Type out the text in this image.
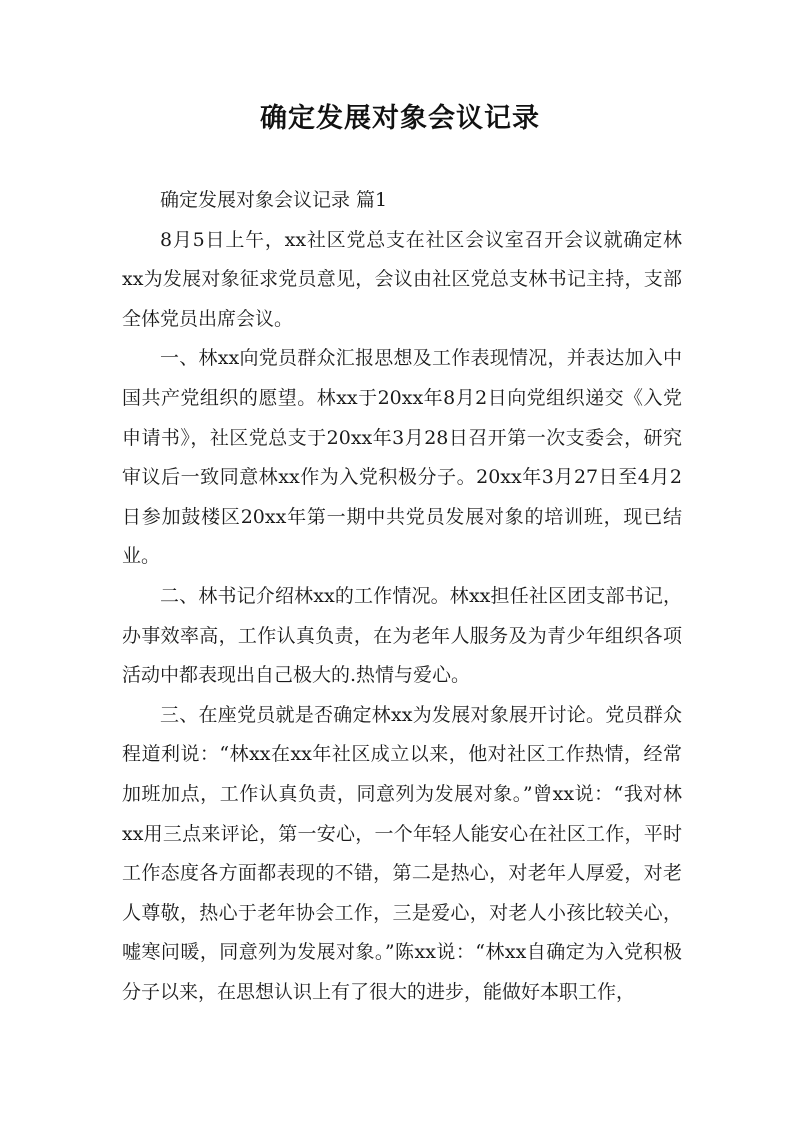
确定发展对象会议记录

确定发展对象会议记录 篇1

8月5日上午，xx社区党总支在社区会议室召开会议就确定林xx为发展对象征求党员意见，会议由社区党总支林书记主持，支部全体党员出席会议。

一、林xx向党员群众汇报思想及工作表现情况，并表达加入中国共产党组织的愿望。林xx于20xx年8月2日向党组织递交《入党申请书》，社区党总支于20xx年3月28日召开第一次支委会，研究审议后一致同意林xx作为入党积极分子。20xx年3月27日至4月2日参加鼓楼区20xx年第一期中共党员发展对象的培训班，现已结业。

二、林书记介绍林xx的工作情况。林xx担任社区团支部书记，办事效率高，工作认真负责，在为老年人服务及为青少年组织各项活动中都表现出自己极大的.热情与爱心。

三、在座党员就是否确定林xx为发展对象展开讨论。党员群众程道利说：“林xx在xx年社区成立以来，他对社区工作热情，经常加班加点，工作认真负责，同意列为发展对象。”曾xx说：“我对林xx用三点来评论，第一安心，一个年轻人能安心在社区工作，平时工作态度各方面都表现的不错，第二是热心，对老年人厚爱，对老人尊敬，热心于老年协会工作，三是爱心，对老人小孩比较关心，嘘寒问暖，同意列为发展对象。”陈xx说：“林xx自确定为入党积极分子以来，在思想认识上有了很大的进步，能做好本职工作，
